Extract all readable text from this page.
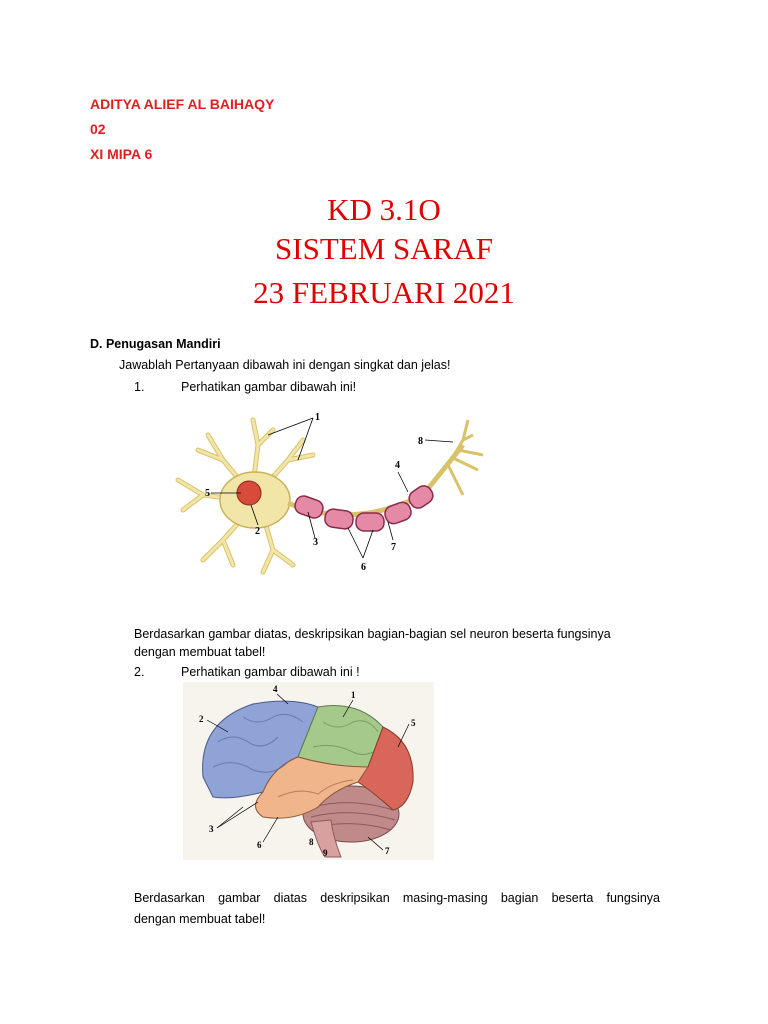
ADITYA ALIEF AL BAIHAQY
02
XI MIPA 6
KD 3.1O
SISTEM SARAF
23 FEBRUARI 2021
D. Penugasan Mandiri
Jawablah Pertanyaan dibawah ini dengan singkat dan jelas!
1.	Perhatikan gambar dibawah ini!
1
2
3
4
5
6
7
8
Berdasarkan gambar diatas, deskripsikan bagian-bagian sel neuron beserta fungsinya
dengan membuat tabel!
2.	Perhatikan gambar dibawah ini !
1
2
3
4
5
6
7
8
9
Berdasarkan gambar diatas deskripsikan masing-masing bagian beserta fungsinya
dengan membuat tabel!
